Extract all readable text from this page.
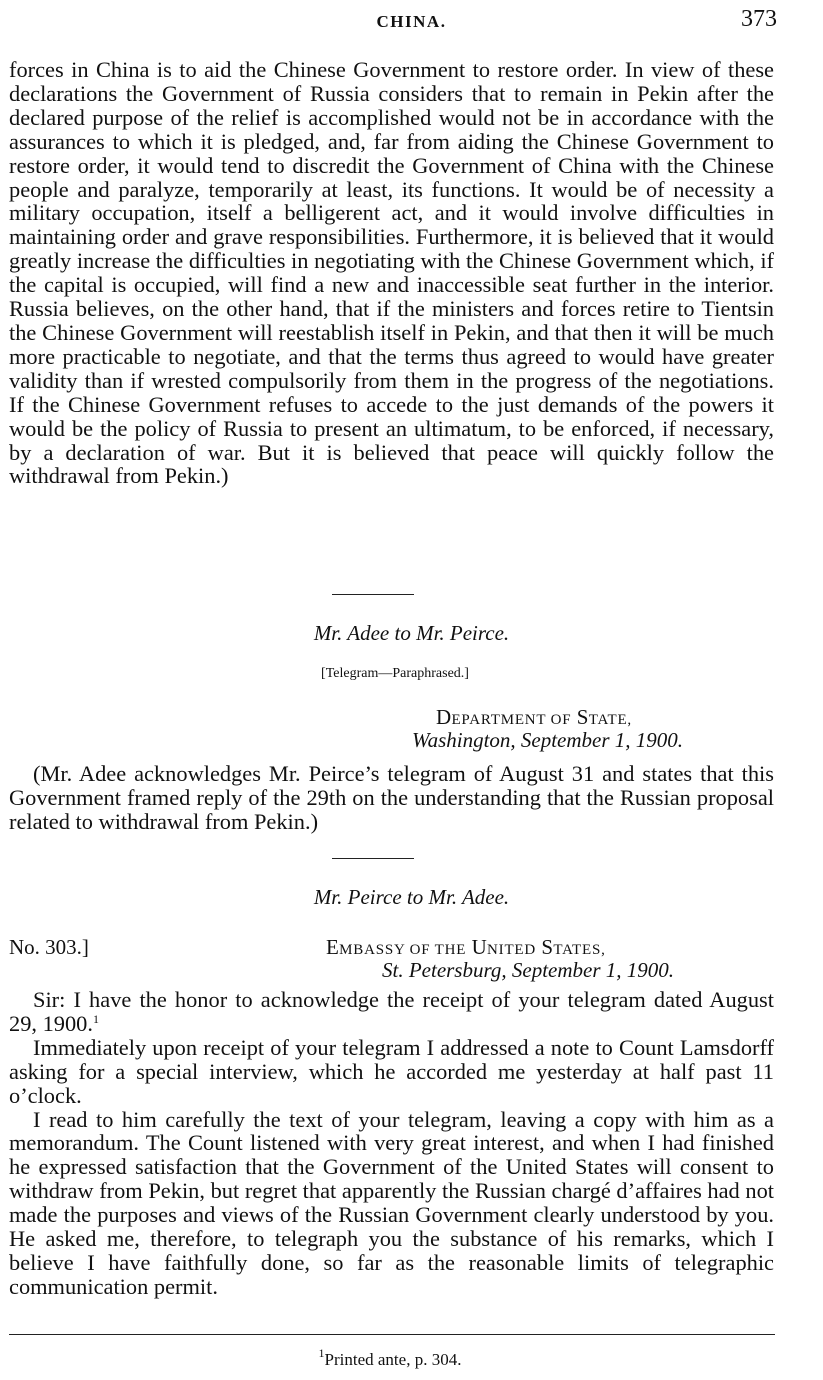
CHINA.	373

forces in China is to aid the Chinese Government to restore order. In view of these declarations the Government of Russia considers that to remain in Pekin after the declared purpose of the relief is accomplished would not be in accordance with the assurances to which it is pledged, and, far from aiding the Chinese Government to restore order, it would tend to discredit the Government of China with the Chinese people and paralyze, temporarily at least, its functions. It would be of necessity a military occupation, itself a belligerent act, and it would involve difficulties in maintaining order and grave responsibilities. Furthermore, it is believed that it would greatly increase the difficulties in negotiating with the Chinese Government which, if the capital is occupied, will find a new and inaccessible seat further in the interior. Russia believes, on the other hand, that if the ministers and forces retire to Tientsin the Chinese Government will reestablish itself in Pekin, and that then it will be much more practicable to negotiate, and that the terms thus agreed to would have greater validity than if wrested compulsorily from them in the progress of the negotiations. If the Chinese Government refuses to accede to the just demands of the powers it would be the policy of Russia to present an ultimatum, to be enforced, if necessary, by a declaration of war. But it is believed that peace will quickly follow the withdrawal from Pekin.)

Mr. Adee to Mr. Peirce.
[Telegram—Paraphrased.]
DEPARTMENT OF STATE,
Washington, September 1, 1900.

(Mr. Adee acknowledges Mr. Peirce’s telegram of August 31 and states that this Government framed reply of the 29th on the understanding that the Russian proposal related to withdrawal from Pekin.)

Mr. Peirce to Mr. Adee.
No. 303.]	EMBASSY OF THE UNITED STATES,
St. Petersburg, September 1, 1900.

Sir: I have the honor to acknowledge the receipt of your telegram dated August 29, 1900.$^1$

Immediately upon receipt of your telegram I addressed a note to Count Lamsdorff asking for a special interview, which he accorded me yesterday at half past 11 o’clock.

I read to him carefully the text of your telegram, leaving a copy with him as a memorandum. The Count listened with very great interest, and when I had finished he expressed satisfaction that the Government of the United States will consent to withdraw from Pekin, but regret that apparently the Russian chargé d’affaires had not made the purposes and views of the Russian Government clearly understood by you. He asked me, therefore, to telegraph you the substance of his remarks, which I believe I have faithfully done, so far as the reasonable limits of telegraphic communication permit.

$^1$Printed ante, p. 304.
